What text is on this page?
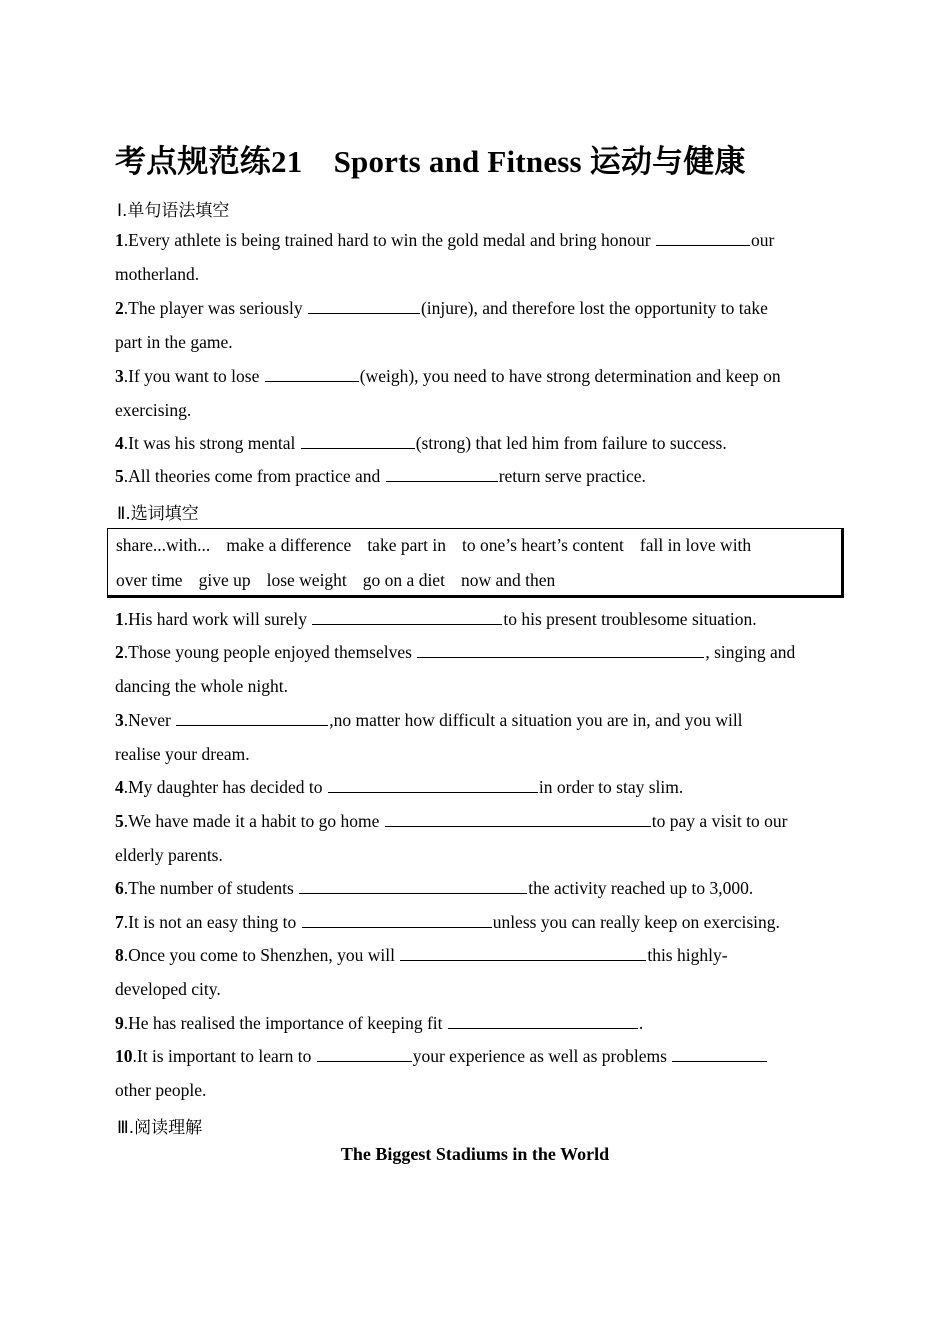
考点规范练21　Sports and Fitness 运动与健康
Ⅰ.单句语法填空
1.Every athlete is being trained hard to win the gold medal and bring honour	our
motherland.
2.The player was seriously	(injure), and therefore lost the opportunity to take
part in the game.
3.If you want to lose	(weigh), you need to have strong determination and keep on
exercising.
4.It was his strong mental	(strong) that led him from failure to success.
5.All theories come from practice and	return serve practice.
Ⅱ.选词填空
share...with... make a difference take part in to one’s heart’s content fall in love with
over time give up lose weight go on a diet now and then
1.His hard work will surely	to his present troublesome situation.
2.Those young people enjoyed themselves	, singing and
dancing the whole night.
3.Never	,no matter how difficult a situation you are in, and you will
realise your dream.
4.My daughter has decided to	in order to stay slim.
5.We have made it a habit to go home	to pay a visit to our
elderly parents.
6.The number of students	the activity reached up to 3,000.
7.It is not an easy thing to	unless you can really keep on exercising.
8.Once you come to Shenzhen, you will	this highly-
developed city.
9.He has realised the importance of keeping fit	.
10.It is important to learn to	your experience as well as problems
other people.
Ⅲ.阅读理解
The Biggest Stadiums in the World
